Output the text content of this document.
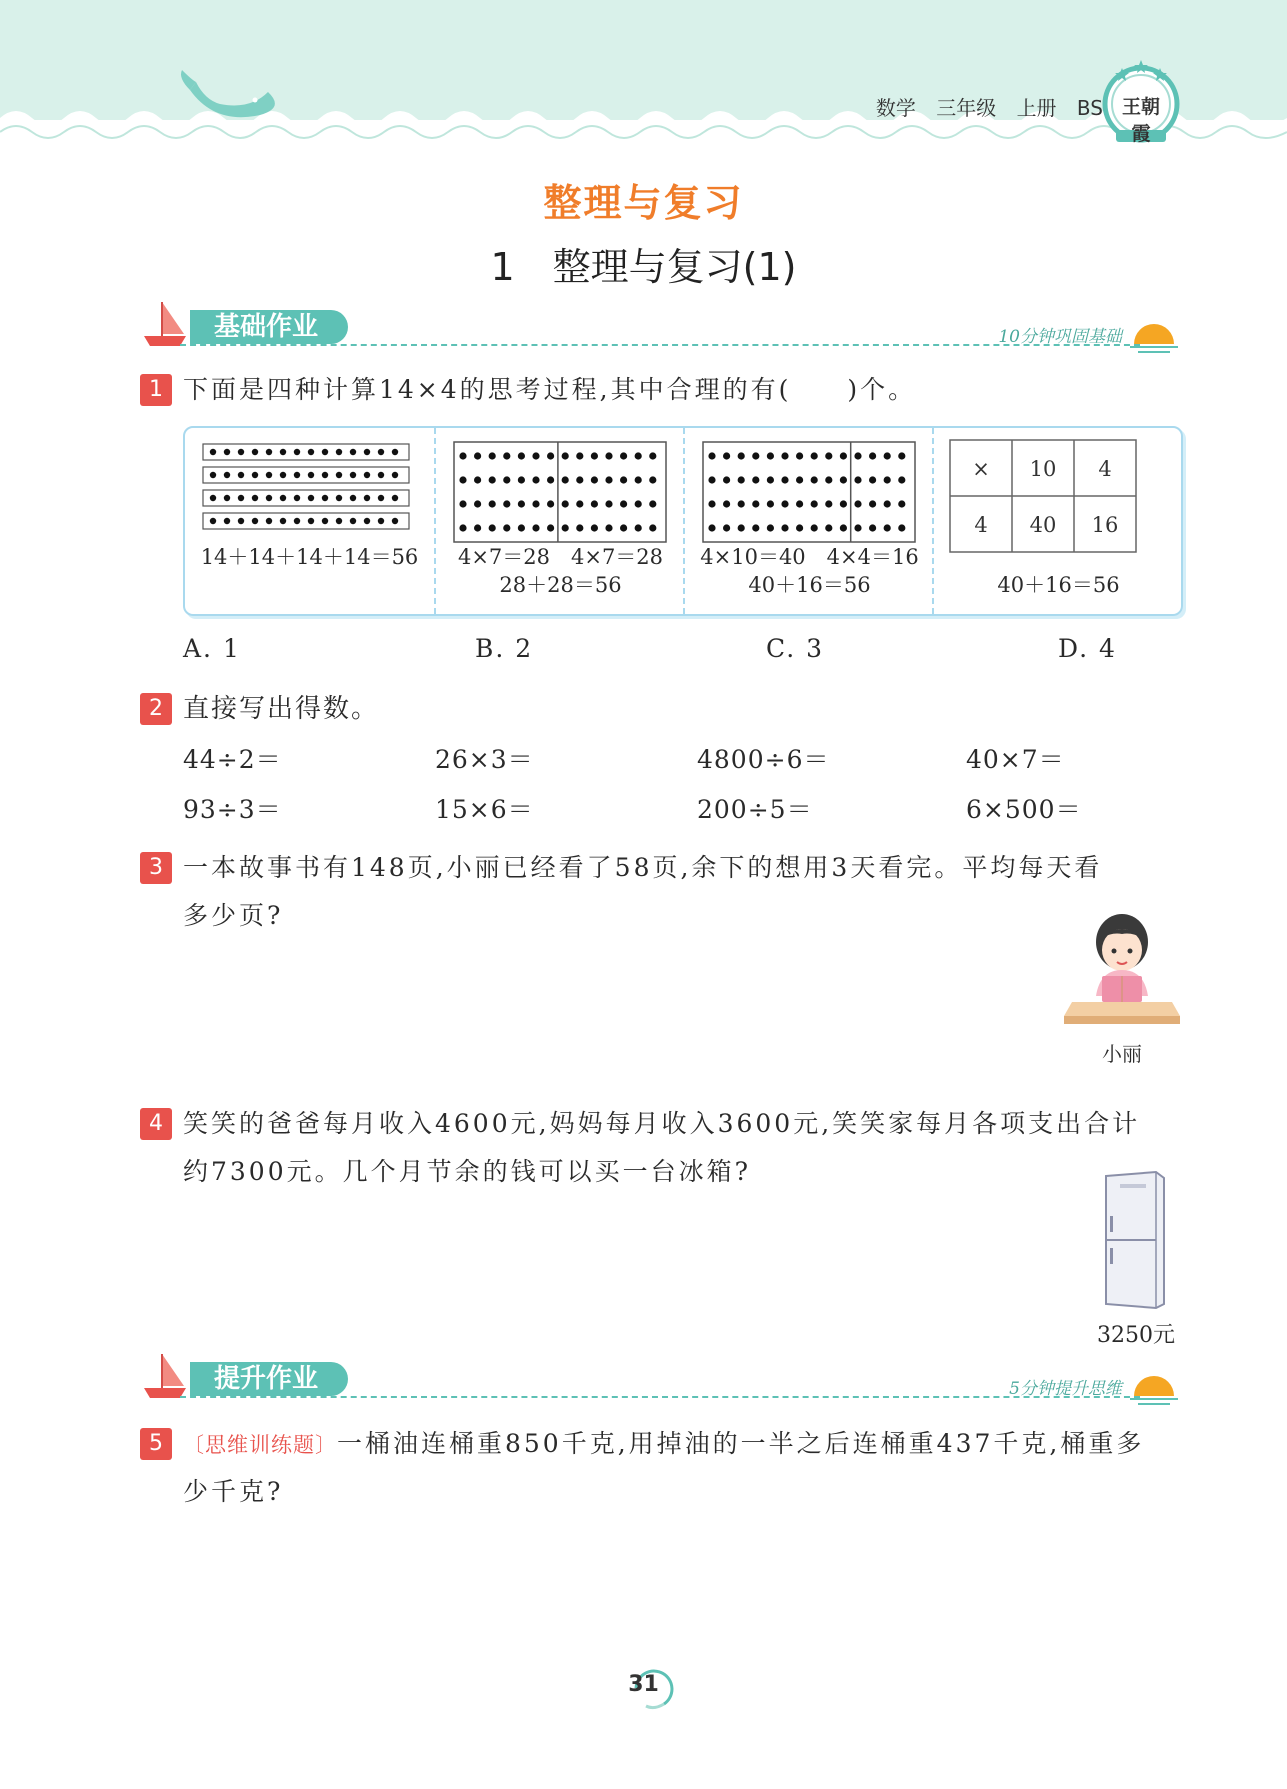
数学 三年级 上册 BS 王朝霞
整理与复习
1　整理与复习(1)
基础作业	10分钟巩固基础
1 下面是四种计算14×4的思考过程,其中合理的有(　　)个。
14＋14＋14＋14＝56	4×7＝28　4×7＝28
28＋28＝56
4×10＝40　4×4＝16
40＋16＝56
× 10 4
4 40 16
40＋16＝56
A. 1	B. 2	C. 3	D. 4
2 直接写出得数。
44÷2＝	26×3＝	4800÷6＝	40×7＝
93÷3＝	15×6＝	200÷5＝	6×500＝
3 一本故事书有148页,小丽已经看了58页,余下的想用3天看完。平均每天看
多少页?
小丽
4 笑笑的爸爸每月收入4600元,妈妈每月收入3600元,笑笑家每月各项支出合计
约7300元。几个月节余的钱可以买一台冰箱?
3250元
提升作业	5分钟提升思维
5 〔思维训练题〕一桶油连桶重850千克,用掉油的一半之后连桶重437千克,桶重多
少千克?
31
